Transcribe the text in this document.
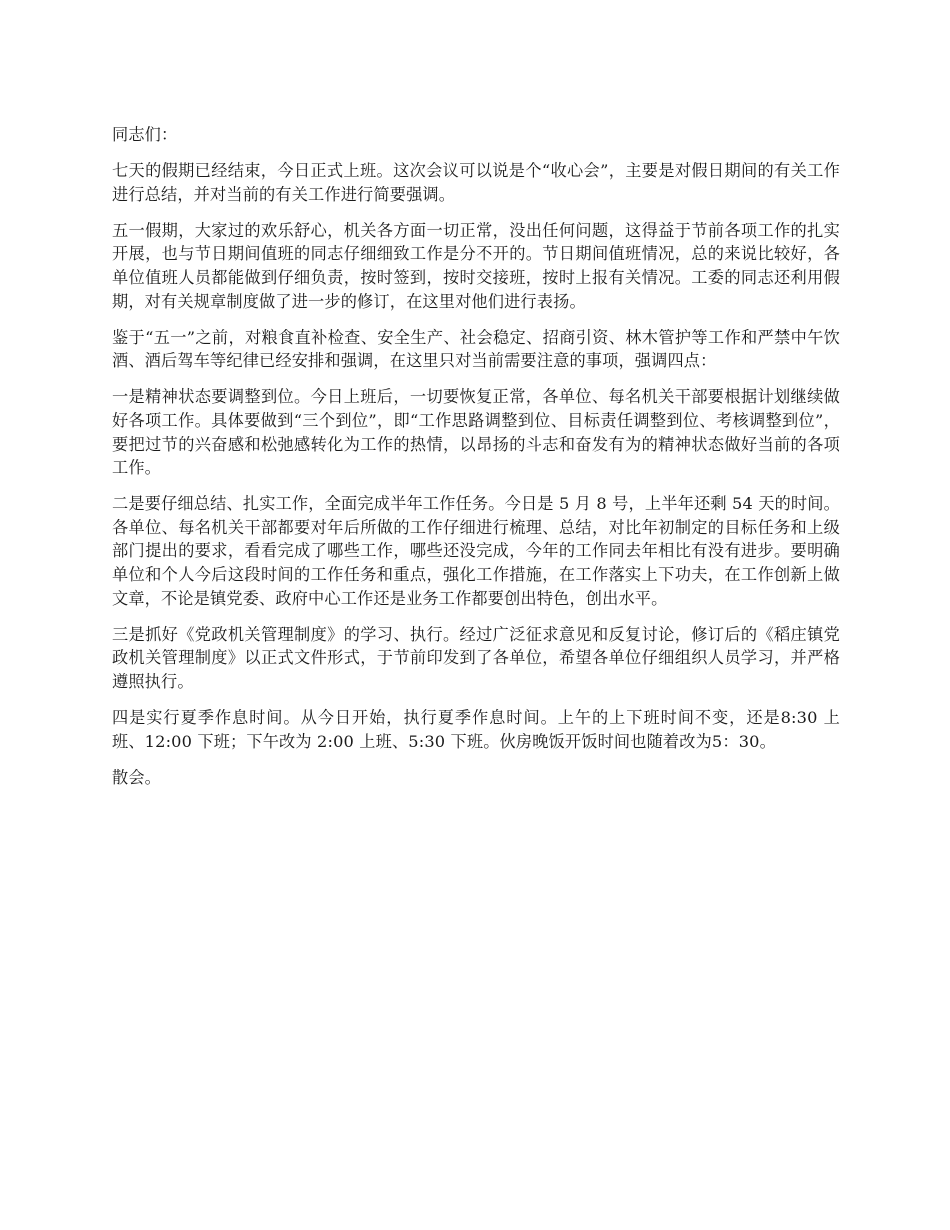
同志们：

七天的假期已经结束，今日正式上班。这次会议可以说是个“收心会”，主要是对假日期间的有关工作进行总结，并对当前的有关工作进行简要强调。

五一假期，大家过的欢乐舒心，机关各方面一切正常，没出任何问题，这得益于节前各项工作的扎实开展，也与节日期间值班的同志仔细细致工作是分不开的。节日期间值班情况，总的来说比较好，各单位值班人员都能做到仔细负责，按时签到，按时交接班，按时上报有关情况。工委的同志还利用假期，对有关规章制度做了进一步的修订，在这里对他们进行表扬。

鉴于“五一”之前，对粮食直补检查、安全生产、社会稳定、招商引资、林木管护等工作和严禁中午饮酒、酒后驾车等纪律已经安排和强调，在这里只对当前需要注意的事项，强调四点：

一是精神状态要调整到位。今日上班后，一切要恢复正常，各单位、每名机关干部要根据计划继续做好各项工作。具体要做到“三个到位”，即“工作思路调整到位、目标责任调整到位、考核调整到位”，要把过节的兴奋感和松弛感转化为工作的热情，以昂扬的斗志和奋发有为的精神状态做好当前的各项工作。

二是要仔细总结、扎实工作，全面完成半年工作任务。今日是 5 月 8 号，上半年还剩 54 天的时间。各单位、每名机关干部都要对年后所做的工作仔细进行梳理、总结，对比年初制定的目标任务和上级部门提出的要求，看看完成了哪些工作，哪些还没完成，今年的工作同去年相比有没有进步。要明确单位和个人今后这段时间的工作任务和重点，强化工作措施，在工作落实上下功夫，在工作创新上做文章，不论是镇党委、政府中心工作还是业务工作都要创出特色，创出水平。

三是抓好《党政机关管理制度》的学习、执行。经过广泛征求意见和反复讨论，修订后的《稻庄镇党政机关管理制度》以正式文件形式，于节前印发到了各单位，希望各单位仔细组织人员学习，并严格遵照执行。

四是实行夏季作息时间。从今日开始，执行夏季作息时间。上午的上下班时间不变，还是8:30 上班、12:00 下班；下午改为 2:00 上班、5:30 下班。伙房晚饭开饭时间也随着改为5：30。

散会。
